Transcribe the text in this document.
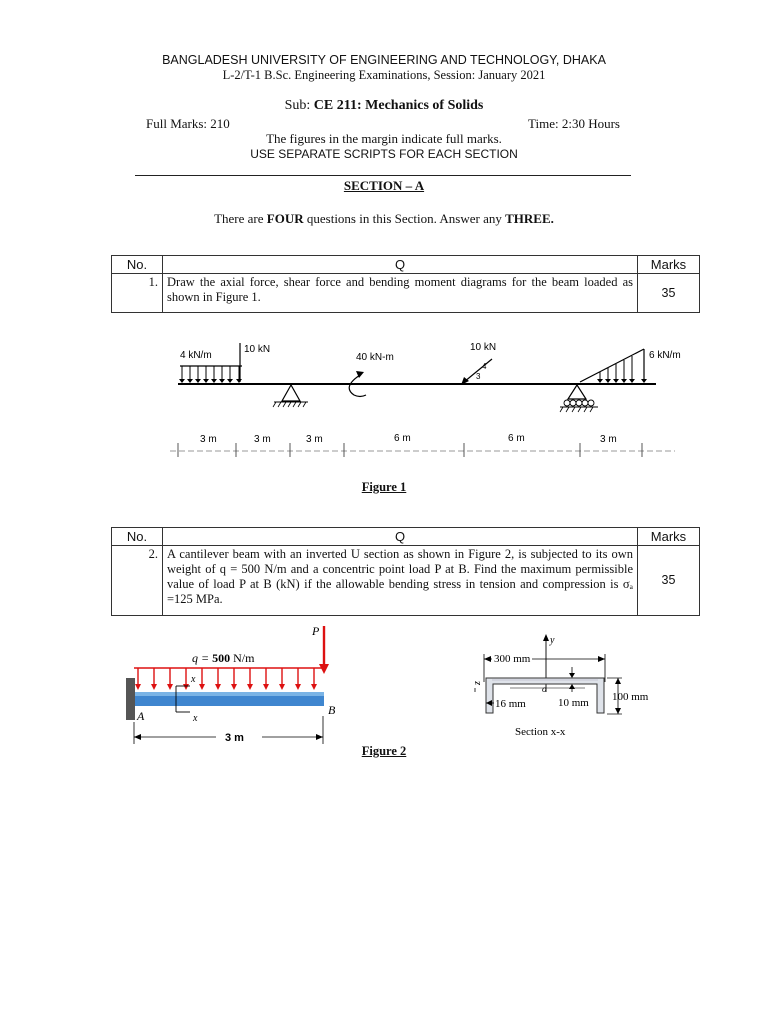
BANGLADESH UNIVERSITY OF ENGINEERING AND TECHNOLOGY, DHAKA
L-2/T-1 B.Sc. Engineering Examinations, Session: January 2021
Sub: CE 211: Mechanics of Solids
Full Marks: 210	Time: 2:30 Hours
The figures in the margin indicate full marks.
USE SEPARATE SCRIPTS FOR EACH SECTION
SECTION – A
There are FOUR questions in this Section. Answer any THREE.
No.	Q	Marks
1.	Draw the axial force, shear force and bending moment diagrams for the beam loaded as shown in Figure 1.	35
4 kN/m
10 kN
40 kN-m
10 kN
4
3
6 kN/m
3 m	3 m	3 m	6 m	6 m	3 m
Figure 1
No.	Q	Marks
2.	A cantilever beam with an inverted U section as shown in Figure 2, is subjected to its own weight of q = 500 N/m and a concentric point load P at B. Find the maximum permissible value of load P at B (kN) if the allowable bending stress in tension and compression is σₐ =125 MPa.	35
P
q = 500 N/m
x
x
A	B
3 m
y
300 mm
z
o
16 mm	10 mm 100 mm
Section x-x
Figure 2
